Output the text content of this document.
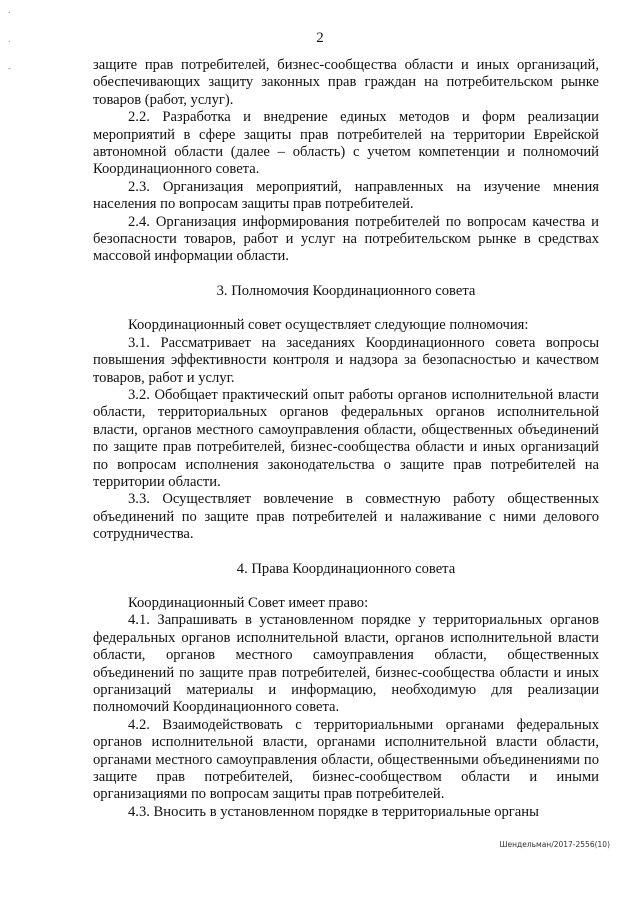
.
.
-
2

защите прав потребителей, бизнес-сообщества области и иных организаций, обеспечивающих защиту законных прав граждан на потребительском рынке товаров (работ, услуг).

2.2. Разработка и внедрение единых методов и форм реализации мероприятий в сфере защиты прав потребителей на территории Еврейской автономной области (далее – область) с учетом компетенции и полномочий Координационного совета.

2.3. Организация мероприятий, направленных на изучение мнения населения по вопросам защиты прав потребителей.

2.4. Организация информирования потребителей по вопросам качества и безопасности товаров, работ и услуг на потребительском рынке в средствах массовой информации области.

3. Полномочия Координационного совета

Координационный совет осуществляет следующие полномочия:

3.1. Рассматривает на заседаниях Координационного совета вопросы повышения эффективности контроля и надзора за безопасностью и качеством товаров, работ и услуг.

3.2. Обобщает практический опыт работы органов исполнительной власти области, территориальных органов федеральных органов исполнительной власти, органов местного самоуправления области, общественных объединений по защите прав потребителей, бизнес-сообщества области и иных организаций по вопросам исполнения законодательства о защите прав потребителей на территории области.

3.3. Осуществляет вовлечение в совместную работу общественных объединений по защите прав потребителей и налаживание с ними делового сотрудничества.

4. Права Координационного совета

Координационный Совет имеет право:

4.1. Запрашивать в установленном порядке у территориальных органов федеральных органов исполнительной власти, органов исполнительной власти области, органов местного самоуправления области, общественных объединений по защите прав потребителей, бизнес-сообщества области и иных организаций материалы и информацию, необходимую для реализации полномочий Координационного совета.

4.2. Взаимодействовать с территориальными органами федеральных органов исполнительной власти, органами исполнительной власти области, органами местного самоуправления области, общественными объединениями по защите прав потребителей, бизнес-сообществом области и иными организациями по вопросам защиты прав потребителей.

4.3. Вносить в установленном порядке в территориальные органы

Шендельман/2017-2556(10)
